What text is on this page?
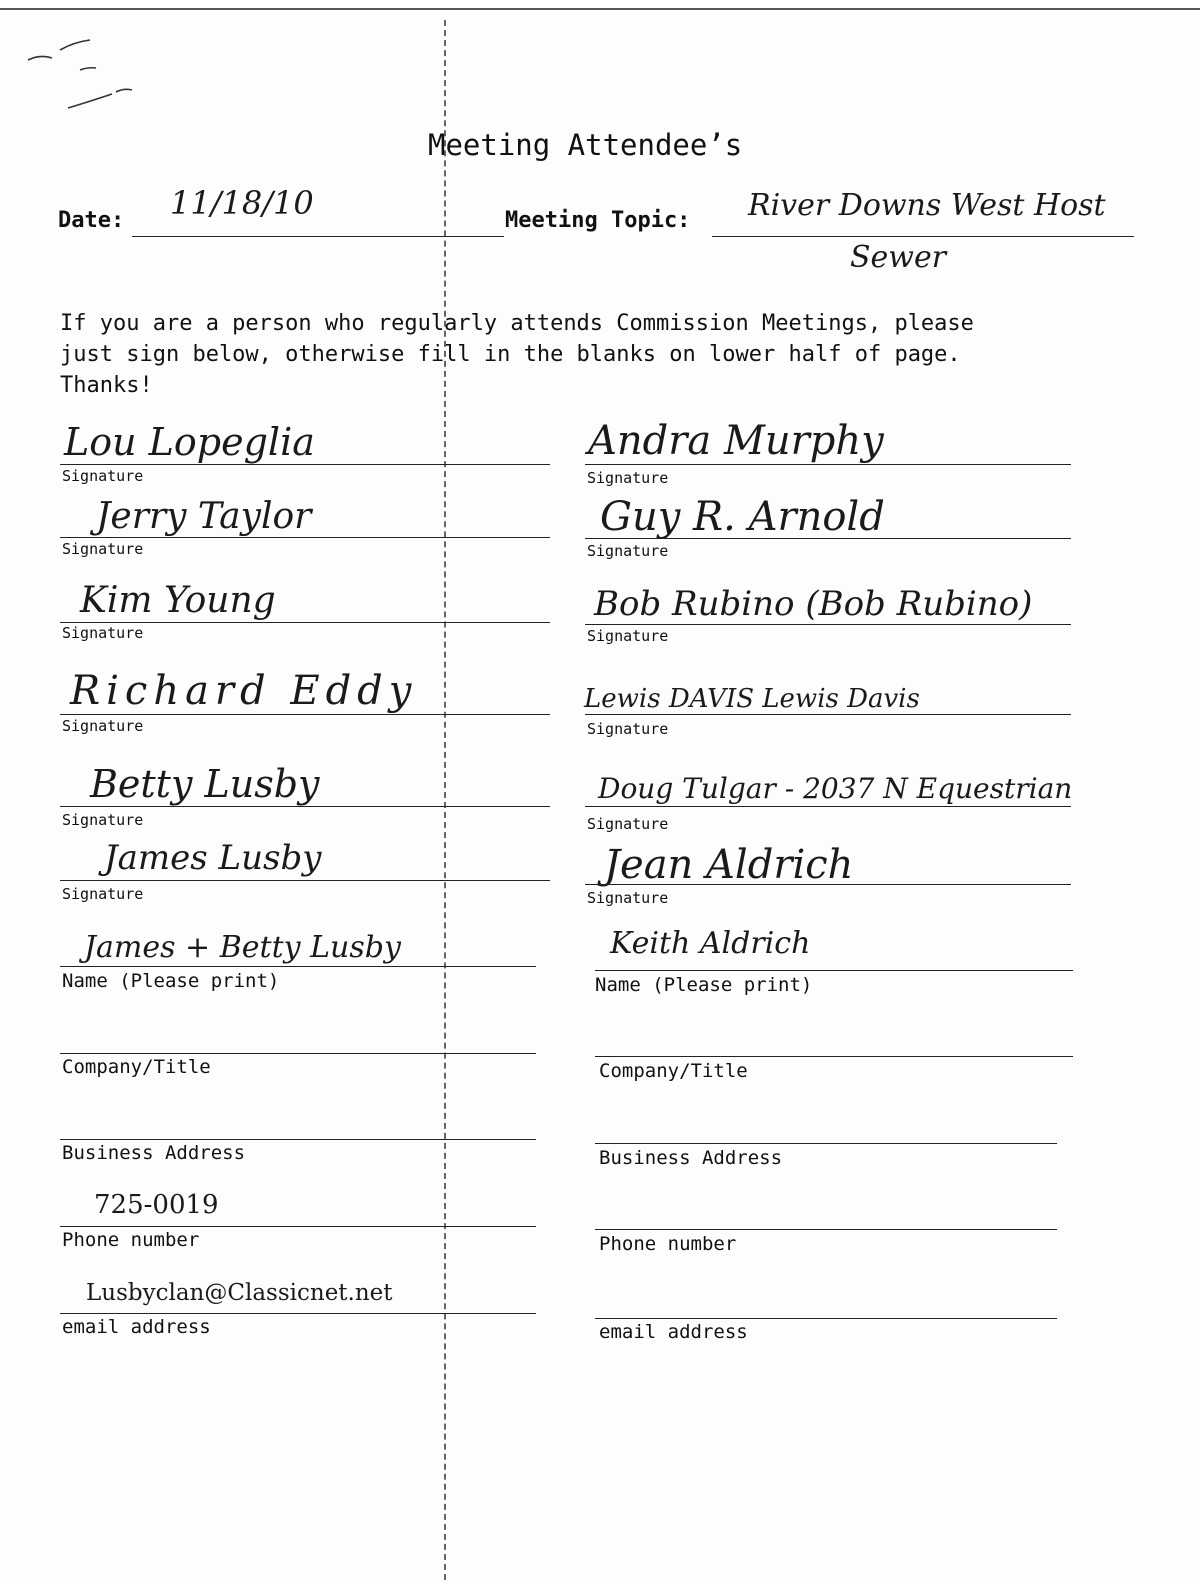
Meeting Attendee’s
Date: 11/18/10	Meeting Topic: River Downs West Host
Sewer
If you are a person who regularly attends Commission Meetings, please
just sign below, otherwise fill in the blanks on lower half of page.
Thanks!
Lou Lopeglia
Signature
Jerry Taylor
Signature
Kim Young
Signature
Richard Eddy
Signature
Betty Lusby
Signature
James Lusby
Signature
Andra Murphy
Signature
Guy R. Arnold
Signature
Bob Rubino (Bob Rubino)
Signature
Lewis DAVIS Lewis Davis
Signature
Doug Tulgar - 2037 N Equestrian
Signature
Jean Aldrich
Signature
James + Betty Lusby
Name (Please print)
Company/Title
Business Address
725-0019
Phone number
Lusbyclan@Classicnet.net
email address
Keith Aldrich
Name (Please print)
Company/Title
Business Address
Phone number
email address
